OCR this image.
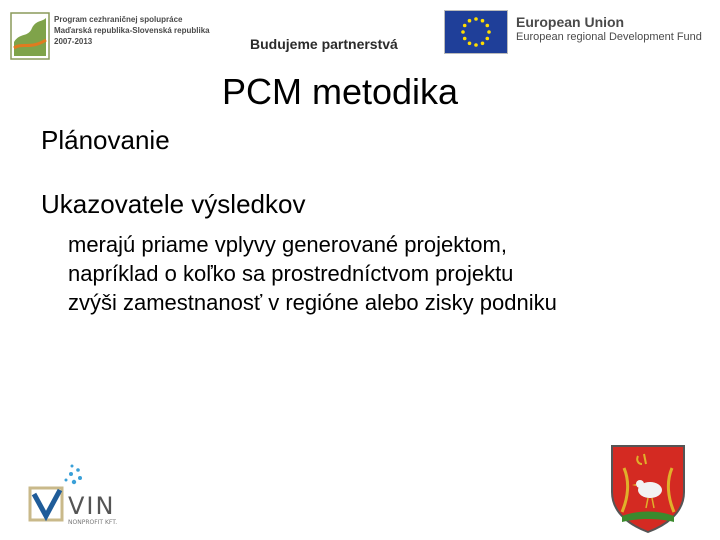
Program cezhraničnej spolupráce
Maďarská republika-Slovenská republika
2007-2013	Budujeme partnerstvá
European Union
European regional Development Fund
PCM metodika
Plánovanie
Ukazovatele výsledkov
merajú priame vplyvy generované projektom,
napríklad o koľko sa prostredníctvom projektu
zvýši zamestnanosť v regióne alebo zisky podniku
VIN
NONPROFIT KFT.
